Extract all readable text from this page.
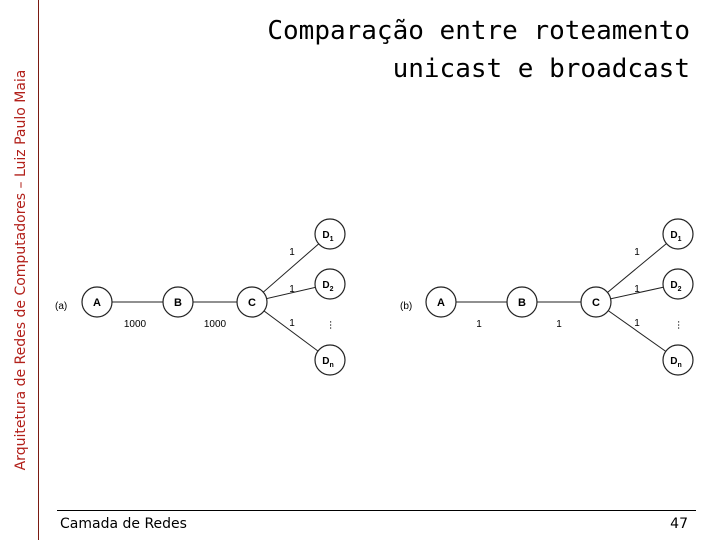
Arquitetura de Redes de Computadores – Luiz Paulo Maia
Comparação entre roteamento
unicast e broadcast
(a) A	B	C
$D_1$
$D_2$
$D_n$
...
1000	1000
1
1
1
(b) A	B	C
$D_1$
$D_2$
$D_n$
...
1	1
1
1
1
Camada de Redes	47
